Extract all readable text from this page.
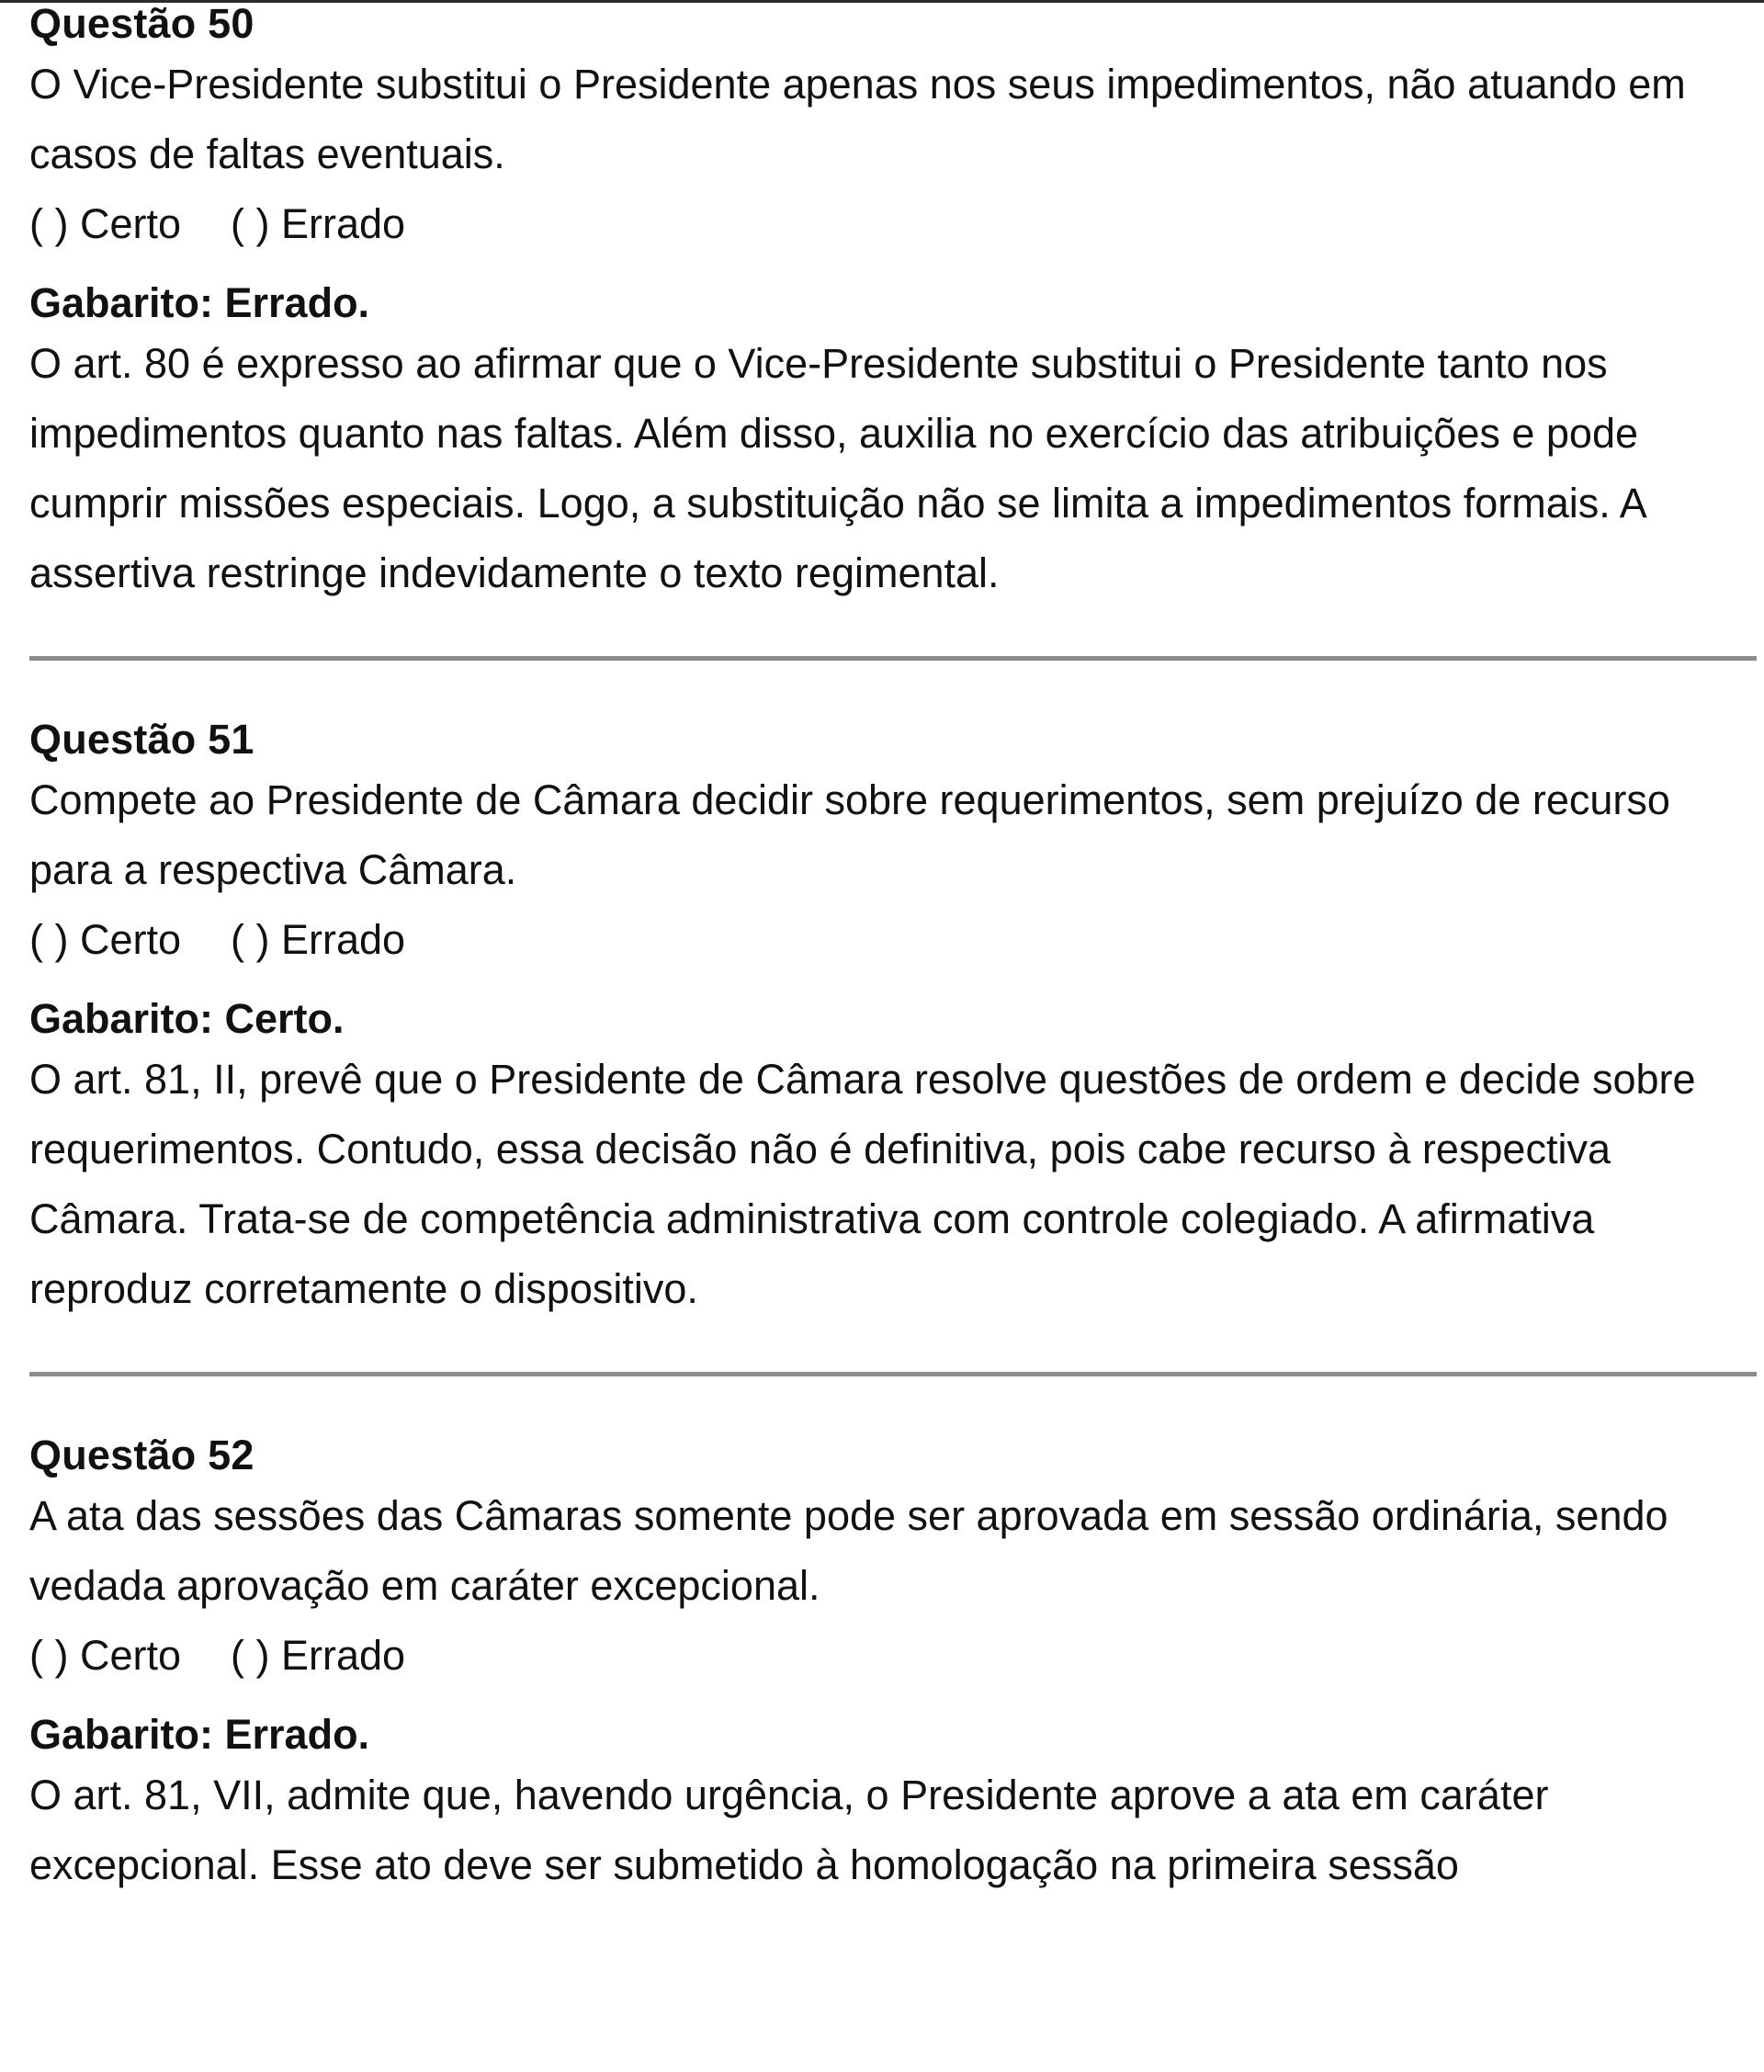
Questão 50

O Vice-Presidente substitui o Presidente apenas nos seus impedimentos, não atuando em casos de faltas eventuais.

( ) Certo ( ) Errado

Gabarito: Errado.

O art. 80 é expresso ao afirmar que o Vice-Presidente substitui o Presidente tanto nos impedimentos quanto nas faltas. Além disso, auxilia no exercício das atribuições e pode cumprir missões especiais. Logo, a substituição não se limita a impedimentos formais. A assertiva restringe indevidamente o texto regimental.

Questão 51

Compete ao Presidente de Câmara decidir sobre requerimentos, sem prejuízo de recurso para a respectiva Câmara.

( ) Certo ( ) Errado

Gabarito: Certo.

O art. 81, II, prevê que o Presidente de Câmara resolve questões de ordem e decide sobre requerimentos. Contudo, essa decisão não é definitiva, pois cabe recurso à respectiva Câmara. Trata-se de competência administrativa com controle colegiado. A afirmativa reproduz corretamente o dispositivo.

Questão 52

A ata das sessões das Câmaras somente pode ser aprovada em sessão ordinária, sendo vedada aprovação em caráter excepcional.

( ) Certo ( ) Errado

Gabarito: Errado.

O art. 81, VII, admite que, havendo urgência, o Presidente aprove a ata em caráter excepcional. Esse ato deve ser submetido à homologação na primeira sessão
